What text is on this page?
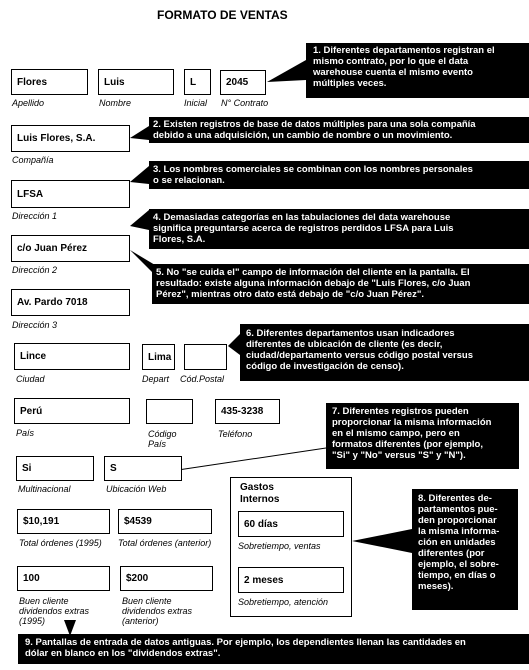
FORMATO DE VENTAS
Flores
Apellido
Luis
Nombre
L
Inicial
2045
N° Contrato
1. Diferentes departamentos registran el
mismo contrato, por lo que el data
warehouse cuenta el mismo evento
múltiples veces.
Luis Flores, S.A.
Compañía
2. Existen registros de base de datos múltiples para una sola compañía
debido a una adquisición, un cambio de nombre o un movimiento.
LFSA
Dirección 1
3. Los nombres comerciales se combinan con los nombres personales
o se relacionan.
c/o Juan Pérez
Dirección 2
4. Demasiadas categorías en las tabulaciones del data warehouse
significa preguntarse acerca de registros perdidos LFSA para Luis
Flores, S.A.
Av. Pardo 7018
Dirección 3
5. No "se cuida el" campo de información del cliente en la pantalla. El
resultado: existe alguna información debajo de "Luis Flores, c/o Juan
Pérez", mientras otro dato está debajo de "c/o Juan Pérez".
Lince
Ciudad
Lima
Depart Cód.Postal
6. Diferentes departamentos usan indicadores
diferentes de ubicación de cliente (es decir,
ciudad/departamento versus código postal versus
código de investigación de censo).
Perú
País	Código
País
435-3238
Teléfono
7. Diferentes registros pueden
proporcionar la misma información
en el mismo campo, pero en
formatos diferentes (por ejemplo,
"Si" y "No" versus "S" y "N").
Si
Multinacional
S
Ubicación Web
$10,191
Total órdenes (1995)
$4539
Total órdenes (anterior)
100
Buen cliente
dividendos extras
(1995)
$200
Buen cliente
dividendos extras
(anterior)
Gastos
Internos
60 días
Sobretiempo, ventas
2 meses
Sobretiempo, atención
8. Diferentes de-
partamentos pue-
den proporcionar
la misma informa-
ción en unidades
diferentes (por
ejemplo, el sobre-
tiempo, en días o
meses).
9. Pantallas de entrada de datos antiguas. Por ejemplo, los dependientes llenan las cantidades en
dólar en blanco en los "dividendos extras".
